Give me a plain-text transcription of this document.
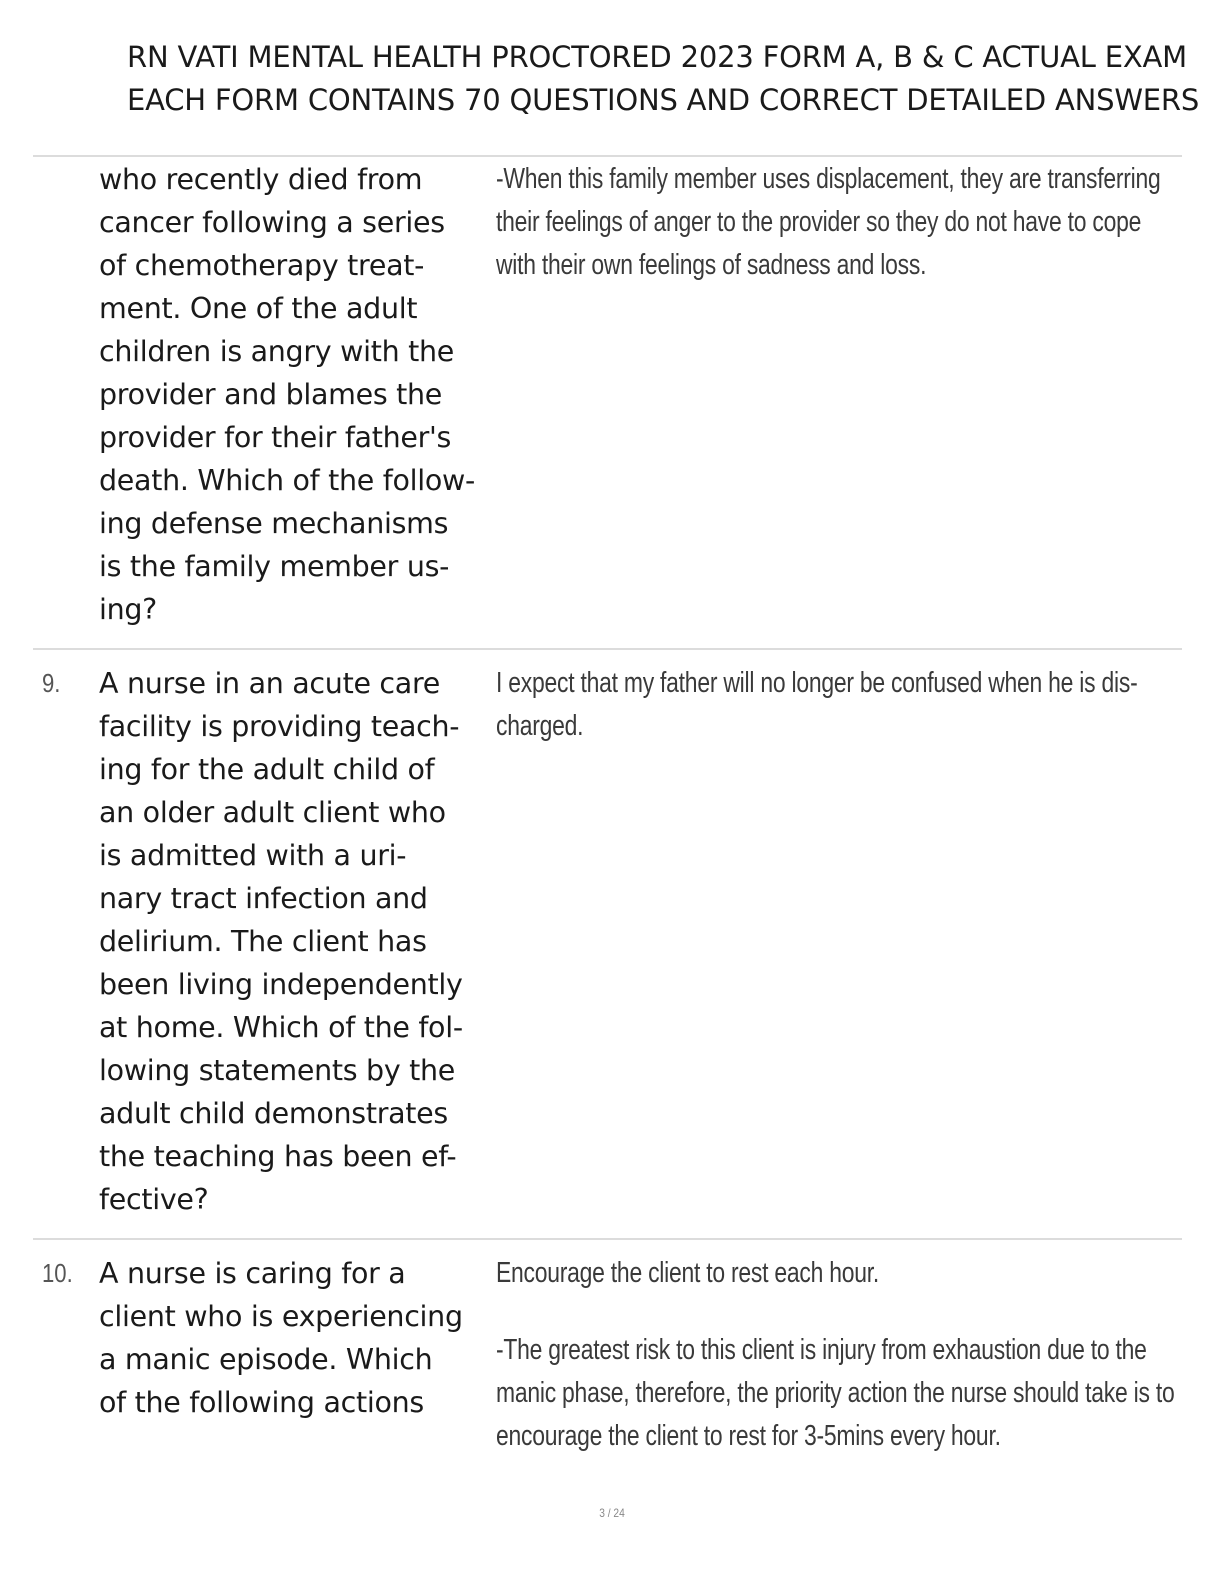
RN VATI MENTAL HEALTH PROCTORED 2023 FORM A, B & C ACTUAL EXAM
EACH FORM CONTAINS 70 QUESTIONS AND CORRECT DETAILED ANSWERS
who recently died from
cancer following a series
of chemotherapy treat-
ment. One of the adult
children is angry with the
provider and blames the
provider for their father's
death. Which of the follow-
ing defense mechanisms
is the family member us-
ing?
-When this family member uses displacement, they are transferring
their feelings of anger to the provider so they do not have to cope
with their own feelings of sadness and loss.
9. A nurse in an acute care
facility is providing teach-
ing for the adult child of
an older adult client who
is admitted with a uri-
nary tract infection and
delirium. The client has
been living independently
at home. Which of the fol-
lowing statements by the
adult child demonstrates
the teaching has been ef-
fective?
I expect that my father will no longer be confused when he is dis-
charged.
10. A nurse is caring for a
client who is experiencing
a manic episode. Which
of the following actions
Encourage the client to rest each hour.
-The greatest risk to this client is injury from exhaustion due to the
manic phase, therefore, the priority action the nurse should take is to
encourage the client to rest for 3-5mins every hour.
3 / 24
